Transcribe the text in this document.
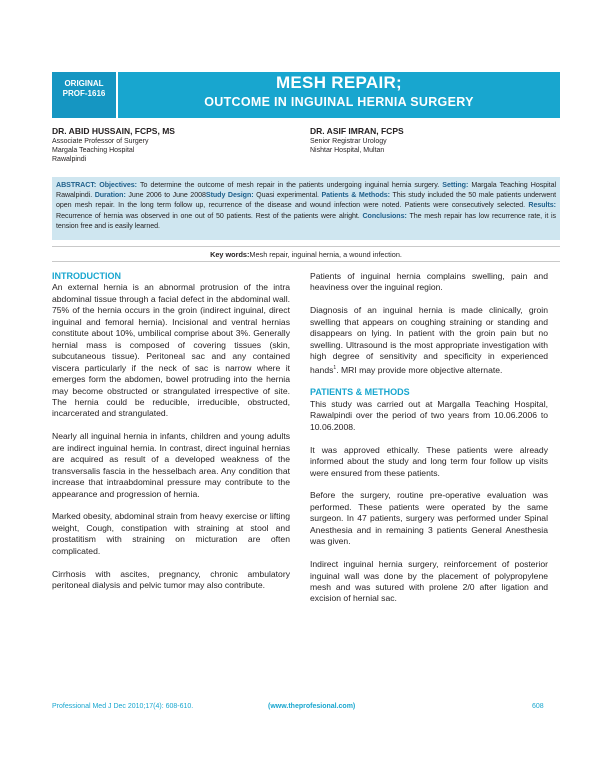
ORIGINAL
PROF-1616
MESH REPAIR;
OUTCOME IN INGUINAL HERNIA SURGERY
DR. ABID HUSSAIN, FCPS, MS
Associate Professor of Surgery
Margala Teaching Hospital
Rawalpindi
DR. ASIF IMRAN, FCPS
Senior Registrar Urology
Nishtar Hospital, Multan
ABSTRACT: Objectives: To determine the outcome of mesh repair in the patients undergoing inguinal hernia surgery. Setting: Margala Teaching Hospital Rawalpindi. Duration: June 2006 to June 2008Study Design: Quasi experimental. Patients & Methods: This study included the 50 male patients underwent open mesh repair. In the long term follow up, recurrence of the disease and wound infection were noted. Patients were consecutively selected. Results: Recurrence of hernia was observed in one out of 50 patients. Rest of the patients were alright. Conclusions: The mesh repair has low recurrence rate, it is tension free and is easily learned.
Key words:Mesh repair, inguinal hernia, a wound infection.
INTRODUCTION

An external hernia is an abnormal protrusion of the intra abdominal tissue through a facial defect in the abdominal wall. 75% of the hernia occurs in the groin (indirect inguinal, direct inguinal and femoral hernia). Incisional and ventral hernias constitute about 10%, umbilical comprise about 3%. Generally hernial mass is composed of covering tissues (skin, subcutaneous tissue). Peritoneal sac and any contained viscera particularly if the neck of sac is narrow where it emerges form the abdomen, bowel protruding into the hernia may become obstructed or strangulated irrespective of site. The hernia could be reducible, irreducible, obstructed, incarcerated and strangulated.

Nearly all inguinal hernia in infants, children and young adults are indirect inguinal hernia. In contrast, direct inguinal hernias are acquired as result of a developed weakness of the transversalis fascia in the hesselbach area. Any condition that increase that intraabdominal pressure may contribute to the appearance and progression of hernia.

Marked obesity, abdominal strain from heavy exercise or lifting weight, Cough, constipation with straining at stool and prostatitism with straining on micturation are often complicated.

Cirrhosis with ascites, pregnancy, chronic ambulatory peritoneal dialysis and pelvic tumor may also contribute.

Patients of inguinal hernia complains swelling, pain and heaviness over the inguinal region.

Diagnosis of an inguinal hernia is made clinically, groin swelling that appears on coughing straining or standing and disappears on lying. In patient with the groin pain but no swelling. Ultrasound is the most appropriate investigation with high degree of sensitivity and specificity in experienced hands$^1$. MRI may provide more objective alternate.

PATIENTS & METHODS

This study was carried out at Margalla Teaching Hospital, Rawalpindi over the period of two years from 10.06.2006 to 10.06.2008.

It was approved ethically. These patients were already informed about the study and long term four follow up visits were ensured from these patients.

Before the surgery, routine pre-operative evaluation was performed. These patients were operated by the same surgeon. In 47 patients, surgery was performed under Spinal Anesthesia and in remaining 3 patients General Anesthesia was given.

Indirect inguinal hernia surgery, reinforcement of posterior inguinal wall was done by the placement of polypropylene mesh and was sutured with prolene 2/0 after ligation and excision of hernial sac.

Professional Med J Dec 2010;17(4): 608-610.	(www.theprofesional.com)	608
